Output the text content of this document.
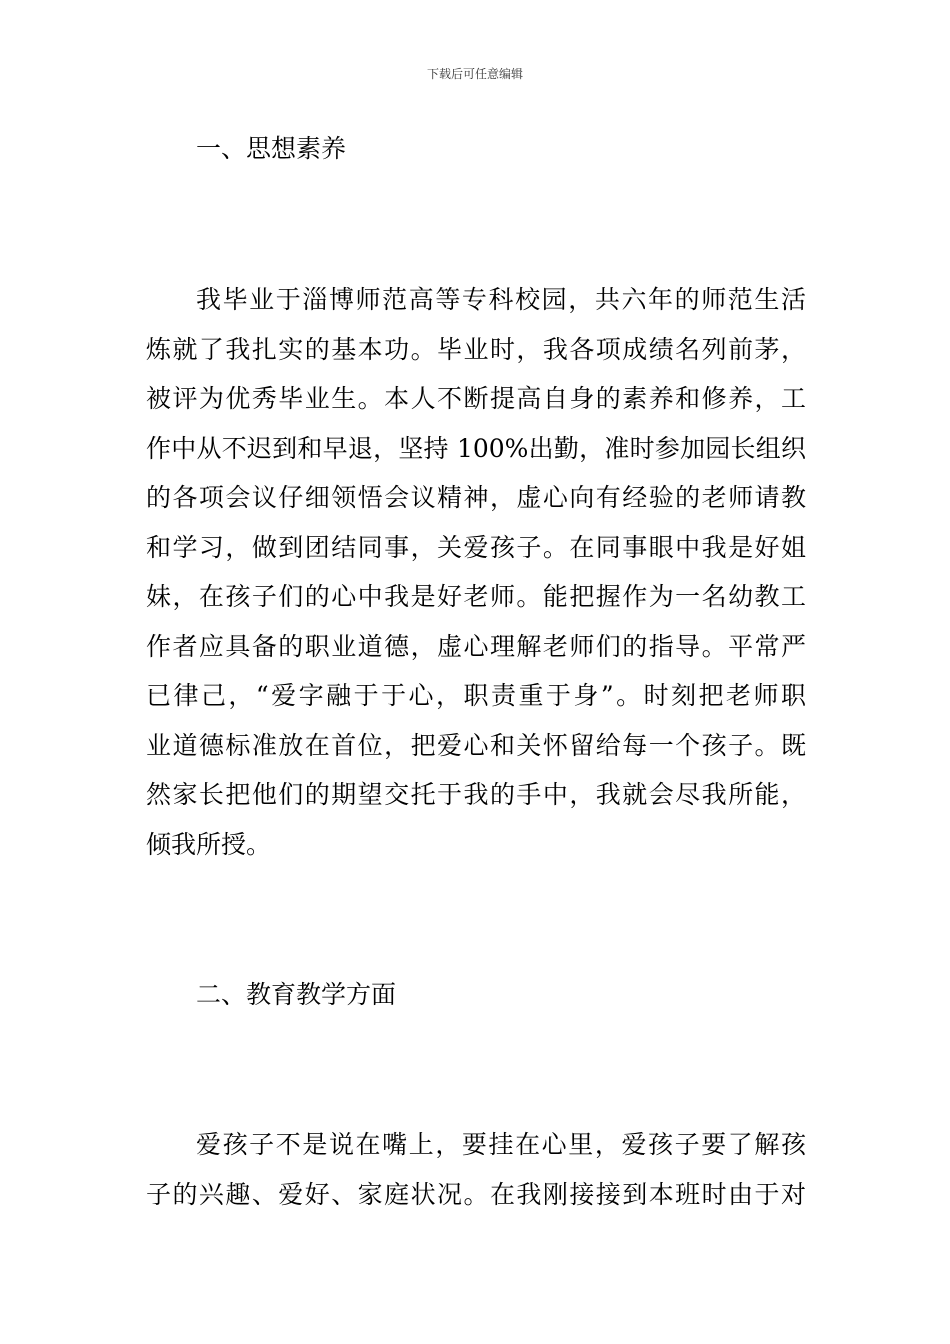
下载后可任意编辑
一、思想素养
我毕业于淄博师范高等专科校园，共六年的师范生活
炼就了我扎实的基本功。毕业时，我各项成绩名列前茅，
被评为优秀毕业生。本人不断提高自身的素养和修养，工
作中从不迟到和早退，坚持 100%出勤，准时参加园长组织
的各项会议仔细领悟会议精神，虚心向有经验的老师请教
和学习，做到团结同事，关爱孩子。在同事眼中我是好姐
妹，在孩子们的心中我是好老师。能把握作为一名幼教工
作者应具备的职业道德，虚心理解老师们的指导。平常严
已律己，“爱字融于于心，职责重于身”。时刻把老师职
业道德标准放在首位，把爱心和关怀留给每一个孩子。既
然家长把他们的期望交托于我的手中，我就会尽我所能，
倾我所授。
二、教育教学方面
爱孩子不是说在嘴上，要挂在心里，爱孩子要了解孩
子的兴趣、爱好、家庭状况。在我刚接接到本班时由于对
